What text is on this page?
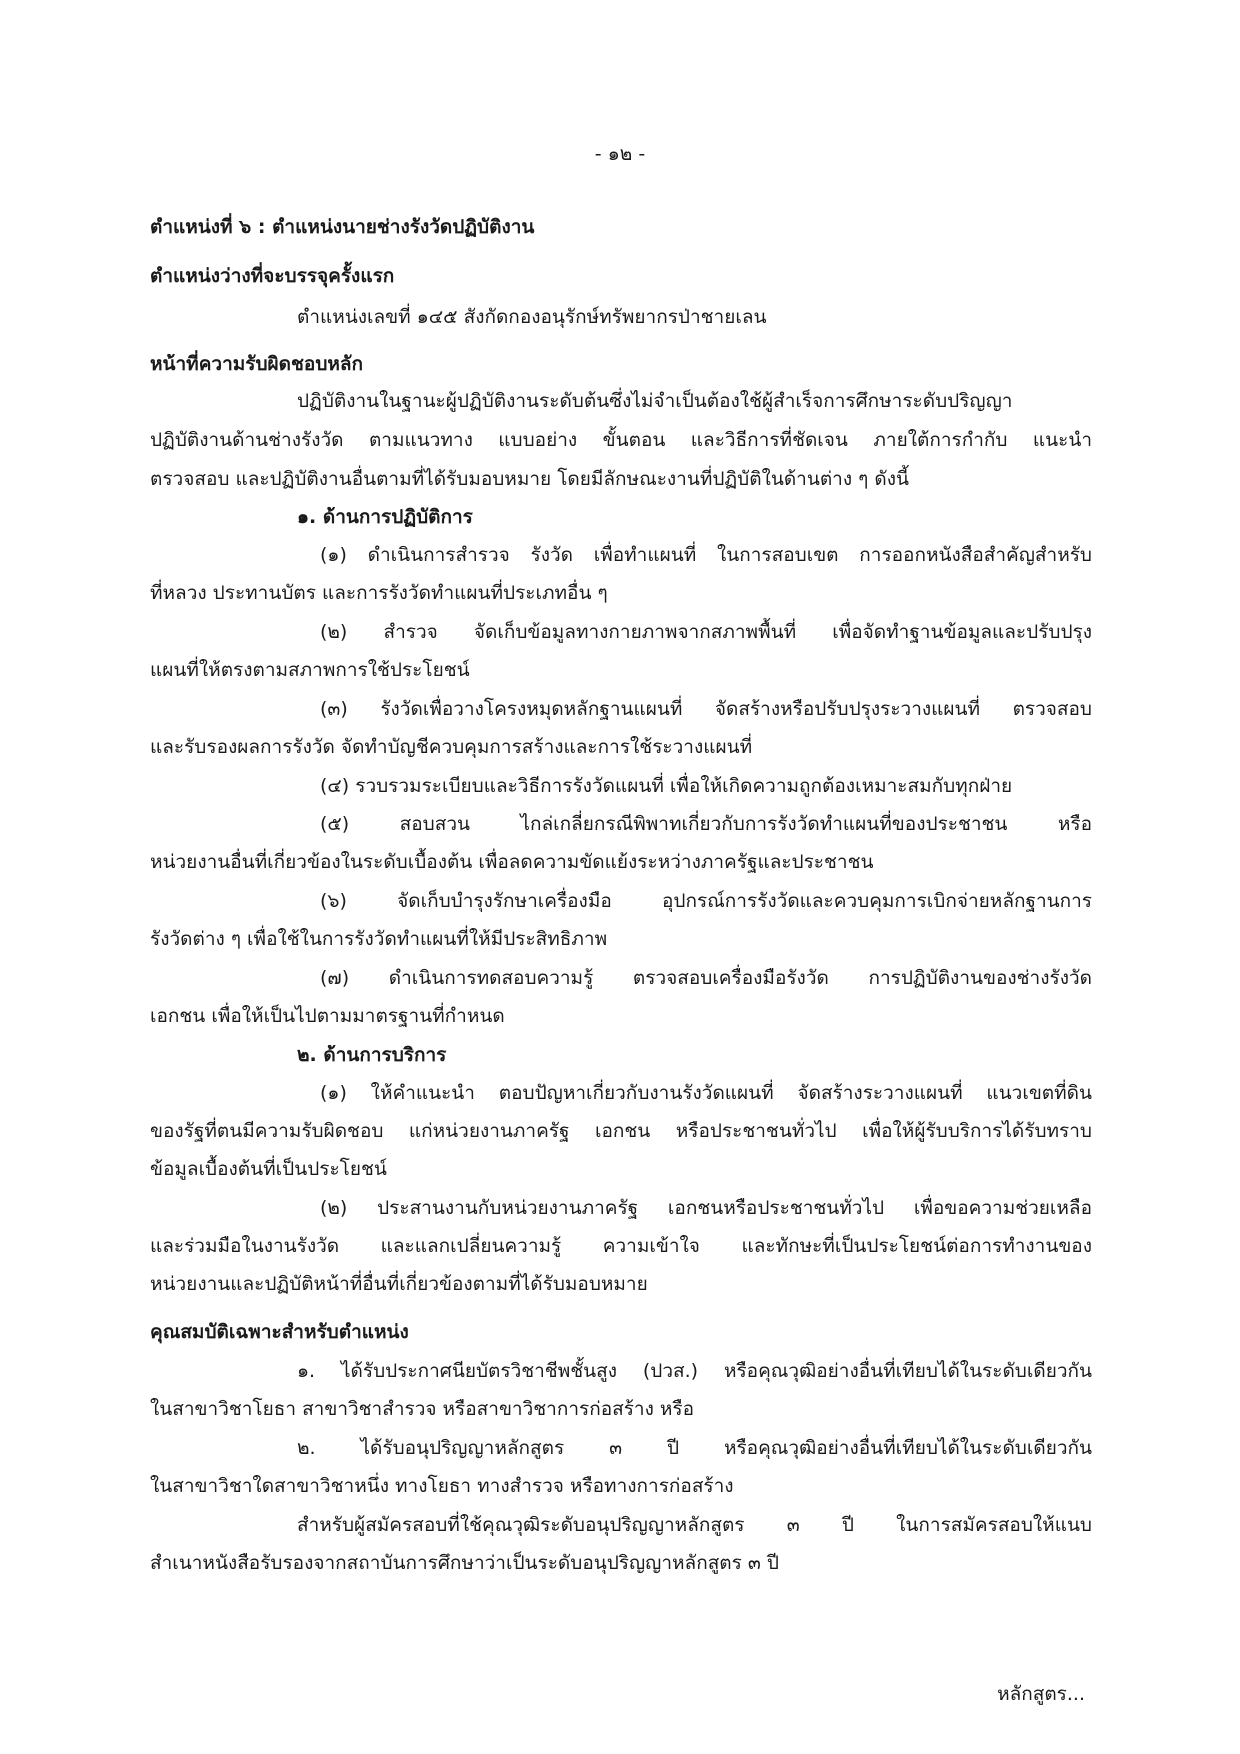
- ๑๒ -
ตำแหน่งที่ ๖ : ตำแหน่งนายช่างรังวัดปฏิบัติงาน
ตำแหน่งว่างที่จะบรรจุครั้งแรก
ตำแหน่งเลขที่ ๑๔๕ สังกัดกองอนุรักษ์ทรัพยากรป่าชายเลน
หน้าที่ความรับผิดชอบหลัก
ปฏิบัติงานในฐานะผู้ปฏิบัติงานระดับต้นซึ่งไม่จำเป็นต้องใช้ผู้สำเร็จการศึกษาระดับปริญญา
ปฏิบัติงานด้านช่างรังวัด ตามแนวทาง แบบอย่าง ขั้นตอน และวิธีการที่ชัดเจน ภายใต้การกำกับ แนะนำ
ตรวจสอบ และปฏิบัติงานอื่นตามที่ได้รับมอบหมาย โดยมีลักษณะงานที่ปฏิบัติในด้านต่าง ๆ ดังนี้
๑. ด้านการปฏิบัติการ
(๑) ดำเนินการสำรวจ รังวัด เพื่อทำแผนที่ ในการสอบเขต การออกหนังสือสำคัญสำหรับ
ที่หลวง ประทานบัตร และการรังวัดทำแผนที่ประเภทอื่น ๆ
(๒) สำรวจ จัดเก็บข้อมูลทางกายภาพจากสภาพพื้นที่ เพื่อจัดทำฐานข้อมูลและปรับปรุง
แผนที่ให้ตรงตามสภาพการใช้ประโยชน์
(๓) รังวัดเพื่อวางโครงหมุดหลักฐานแผนที่ จัดสร้างหรือปรับปรุงระวางแผนที่ ตรวจสอบ
และรับรองผลการรังวัด จัดทำบัญชีควบคุมการสร้างและการใช้ระวางแผนที่
(๔) รวบรวมระเบียบและวิธีการรังวัดแผนที่ เพื่อให้เกิดความถูกต้องเหมาะสมกับทุกฝ่าย
(๕) สอบสวน ไกล่เกลี่ยกรณีพิพาทเกี่ยวกับการรังวัดทำแผนที่ของประชาชน หรือ
หน่วยงานอื่นที่เกี่ยวข้องในระดับเบื้องต้น เพื่อลดความขัดแย้งระหว่างภาครัฐและประชาชน
(๖) จัดเก็บบำรุงรักษาเครื่องมือ อุปกรณ์การรังวัดและควบคุมการเบิกจ่ายหลักฐานการ
รังวัดต่าง ๆ เพื่อใช้ในการรังวัดทำแผนที่ให้มีประสิทธิภาพ
(๗) ดำเนินการทดสอบความรู้ ตรวจสอบเครื่องมือรังวัด การปฏิบัติงานของช่างรังวัด
เอกชน เพื่อให้เป็นไปตามมาตรฐานที่กำหนด
๒. ด้านการบริการ
(๑) ให้คำแนะนำ ตอบปัญหาเกี่ยวกับงานรังวัดแผนที่ จัดสร้างระวางแผนที่ แนวเขตที่ดิน
ของรัฐที่ตนมีความรับผิดชอบ แก่หน่วยงานภาครัฐ เอกชน หรือประชาชนทั่วไป เพื่อให้ผู้รับบริการได้รับทราบ
ข้อมูลเบื้องต้นที่เป็นประโยชน์
(๒) ประสานงานกับหน่วยงานภาครัฐ เอกชนหรือประชาชนทั่วไป เพื่อขอความช่วยเหลือ
และร่วมมือในงานรังวัด และแลกเปลี่ยนความรู้ ความเข้าใจ และทักษะที่เป็นประโยชน์ต่อการทำงานของ
หน่วยงานและปฏิบัติหน้าที่อื่นที่เกี่ยวข้องตามที่ได้รับมอบหมาย
คุณสมบัติเฉพาะสำหรับตำแหน่ง
๑. ได้รับประกาศนียบัตรวิชาชีพชั้นสูง (ปวส.) หรือคุณวุฒิอย่างอื่นที่เทียบได้ในระดับเดียวกัน
ในสาขาวิชาโยธา สาขาวิชาสำรวจ หรือสาขาวิชาการก่อสร้าง หรือ
๒. ได้รับอนุปริญญาหลักสูตร ๓ ปี หรือคุณวุฒิอย่างอื่นที่เทียบได้ในระดับเดียวกัน
ในสาขาวิชาใดสาขาวิชาหนึ่ง ทางโยธา ทางสำรวจ หรือทางการก่อสร้าง
สำหรับผู้สมัครสอบที่ใช้คุณวุฒิระดับอนุปริญญาหลักสูตร ๓ ปี ในการสมัครสอบให้แนบ
สำเนาหนังสือรับรองจากสถาบันการศึกษาว่าเป็นระดับอนุปริญญาหลักสูตร ๓ ปี
หลักสูตร...
